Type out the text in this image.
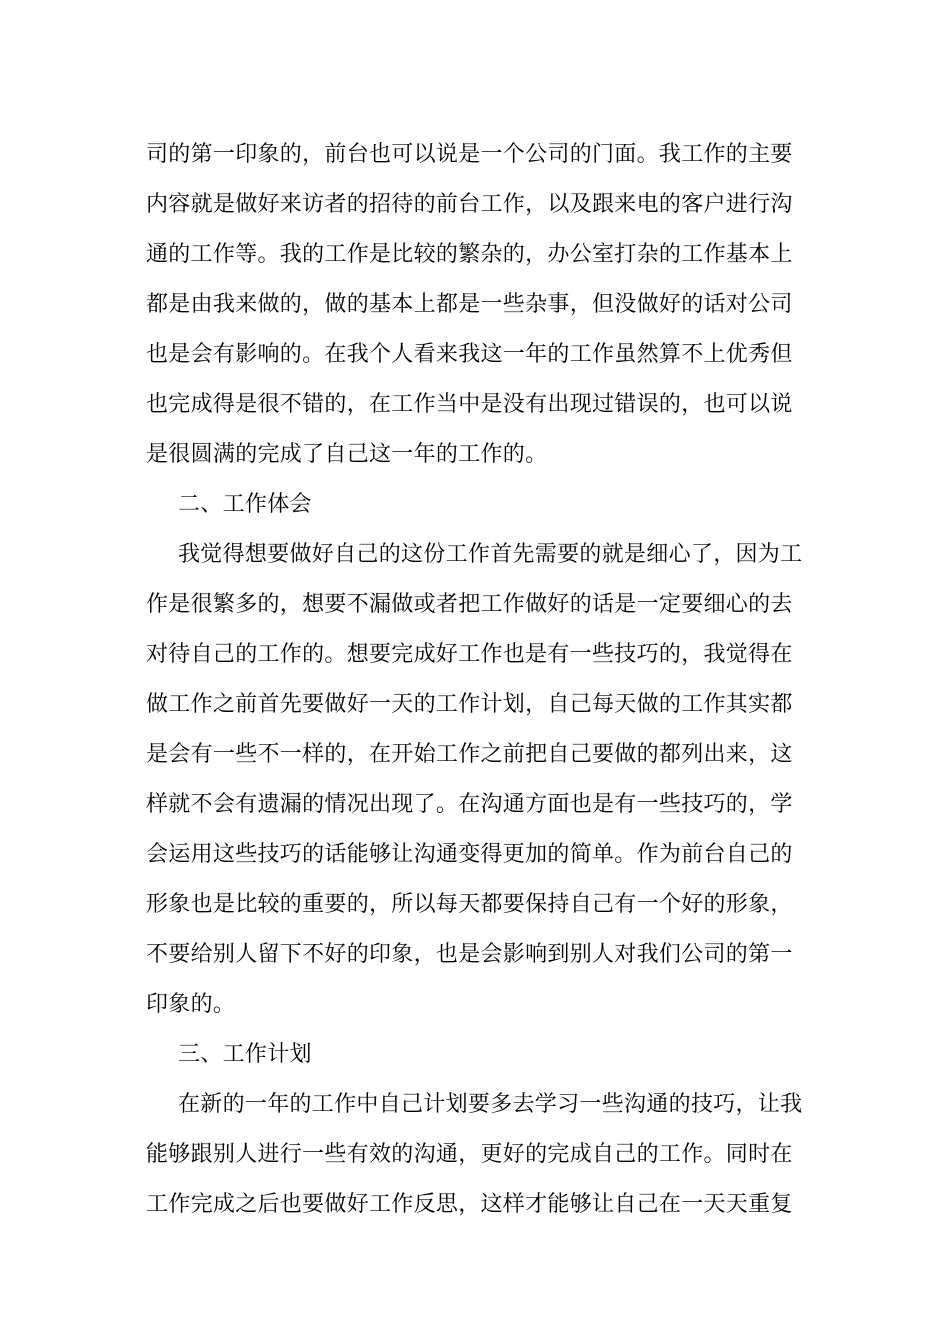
司的第一印象的，前台也可以说是一个公司的门面。我工作的主要
内容就是做好来访者的招待的前台工作，以及跟来电的客户进行沟
通的工作等。我的工作是比较的繁杂的，办公室打杂的工作基本上
都是由我来做的，做的基本上都是一些杂事，但没做好的话对公司
也是会有影响的。在我个人看来我这一年的工作虽然算不上优秀但
也完成得是很不错的，在工作当中是没有出现过错误的，也可以说
是很圆满的完成了自己这一年的工作的。
二、工作体会
我觉得想要做好自己的这份工作首先需要的就是细心了，因为工
作是很繁多的，想要不漏做或者把工作做好的话是一定要细心的去
对待自己的工作的。想要完成好工作也是有一些技巧的，我觉得在
做工作之前首先要做好一天的工作计划，自己每天做的工作其实都
是会有一些不一样的，在开始工作之前把自己要做的都列出来，这
样就不会有遗漏的情况出现了。在沟通方面也是有一些技巧的，学
会运用这些技巧的话能够让沟通变得更加的简单。作为前台自己的
形象也是比较的重要的，所以每天都要保持自己有一个好的形象，
不要给别人留下不好的印象，也是会影响到别人对我们公司的第一
印象的。
三、工作计划
在新的一年的工作中自己计划要多去学习一些沟通的技巧，让我
能够跟别人进行一些有效的沟通，更好的完成自己的工作。同时在
工作完成之后也要做好工作反思，这样才能够让自己在一天天重复
